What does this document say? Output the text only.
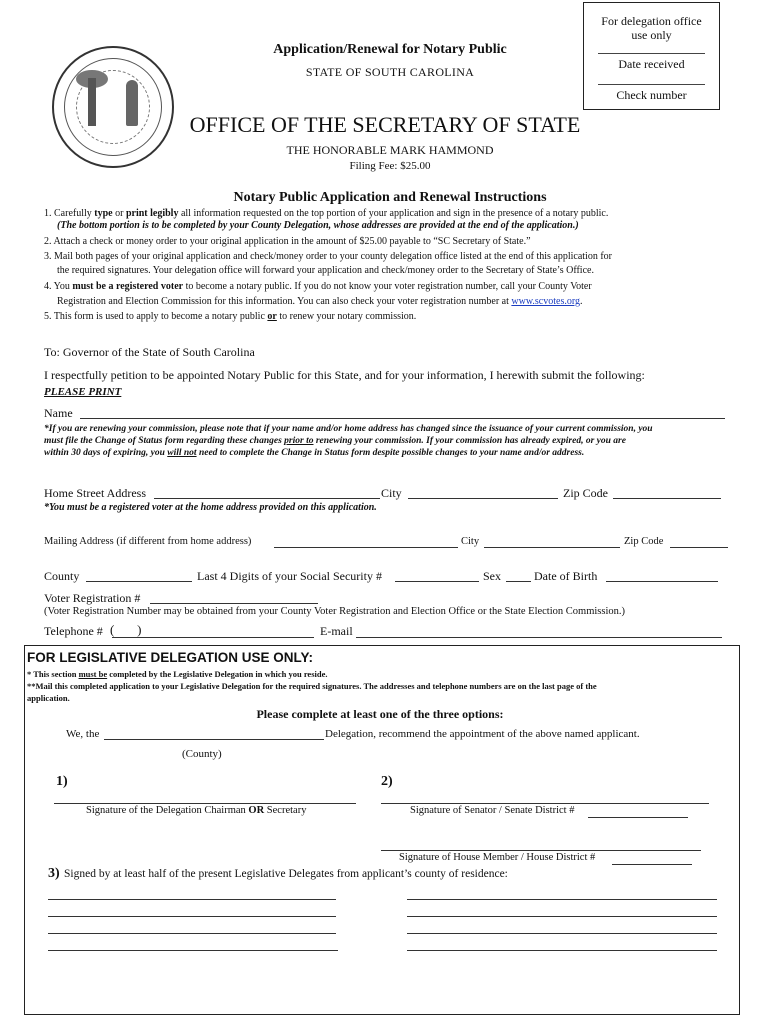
For delegation office
use only
Date received
Check number
Application/Renewal for Notary Public
STATE OF SOUTH CAROLINA
OFFICE OF THE SECRETARY OF STATE
THE HONORABLE MARK HAMMOND
Filing Fee: $25.00
Notary Public Application and Renewal Instructions
1. Carefully type or print legibly all information requested on the top portion of your application and sign in the presence of a notary public.
(The bottom portion is to be completed by your County Delegation, whose addresses are provided at the end of the application.)
2. Attach a check or money order to your original application in the amount of $25.00 payable to “SC Secretary of State.”
3. Mail both pages of your original application and check/money order to your county delegation office listed at the end of this application for
the required signatures. Your delegation office will forward your application and check/money order to the Secretary of State’s Office.
4. You must be a registered voter to become a notary public. If you do not know your voter registration number, call your County Voter
Registration and Election Commission for this information. You can also check your voter registration number at www.scvotes.org.
5. This form is used to apply to become a notary public or to renew your notary commission.
To: Governor of the State of South Carolina
I respectfully petition to be appointed Notary Public for this State, and for your information, I herewith submit the following:
PLEASE PRINT
Name
*If you are renewing your commission, please note that if your name and/or home address has changed since the issuance of your current commission, you
must file the Change of Status form regarding these changes prior to renewing your commission. If your commission has already expired, or you are
within 30 days of expiring, you will not need to complete the Change in Status form despite possible changes to your name and/or address.
Home Street Address	City	Zip Code
*You must be a registered voter at the home address provided on this application.
Mailing Address (if different from home address)	City	Zip Code
County	Last 4 Digits of your Social Security #	Sex	Date of Birth
Voter Registration #
(Voter Registration Number may be obtained from your County Voter Registration and Election Office or the State Election Commission.)
Telephone # (       )	E-mail
FOR LEGISLATIVE DELEGATION USE ONLY:
* This section must be completed by the Legislative Delegation in which you reside.
**Mail this completed application to your Legislative Delegation for the required signatures. The addresses and telephone numbers are on the last page of the
application.
Please complete at least one of the three options:
We, the	Delegation, recommend the appointment of the above named applicant.
(County)
1)	2)
Signature of the Delegation Chairman OR Secretary	Signature of Senator / Senate District #
Signature of House Member / House District #
3) Signed by at least half of the present Legislative Delegates from applicant’s county of residence:
